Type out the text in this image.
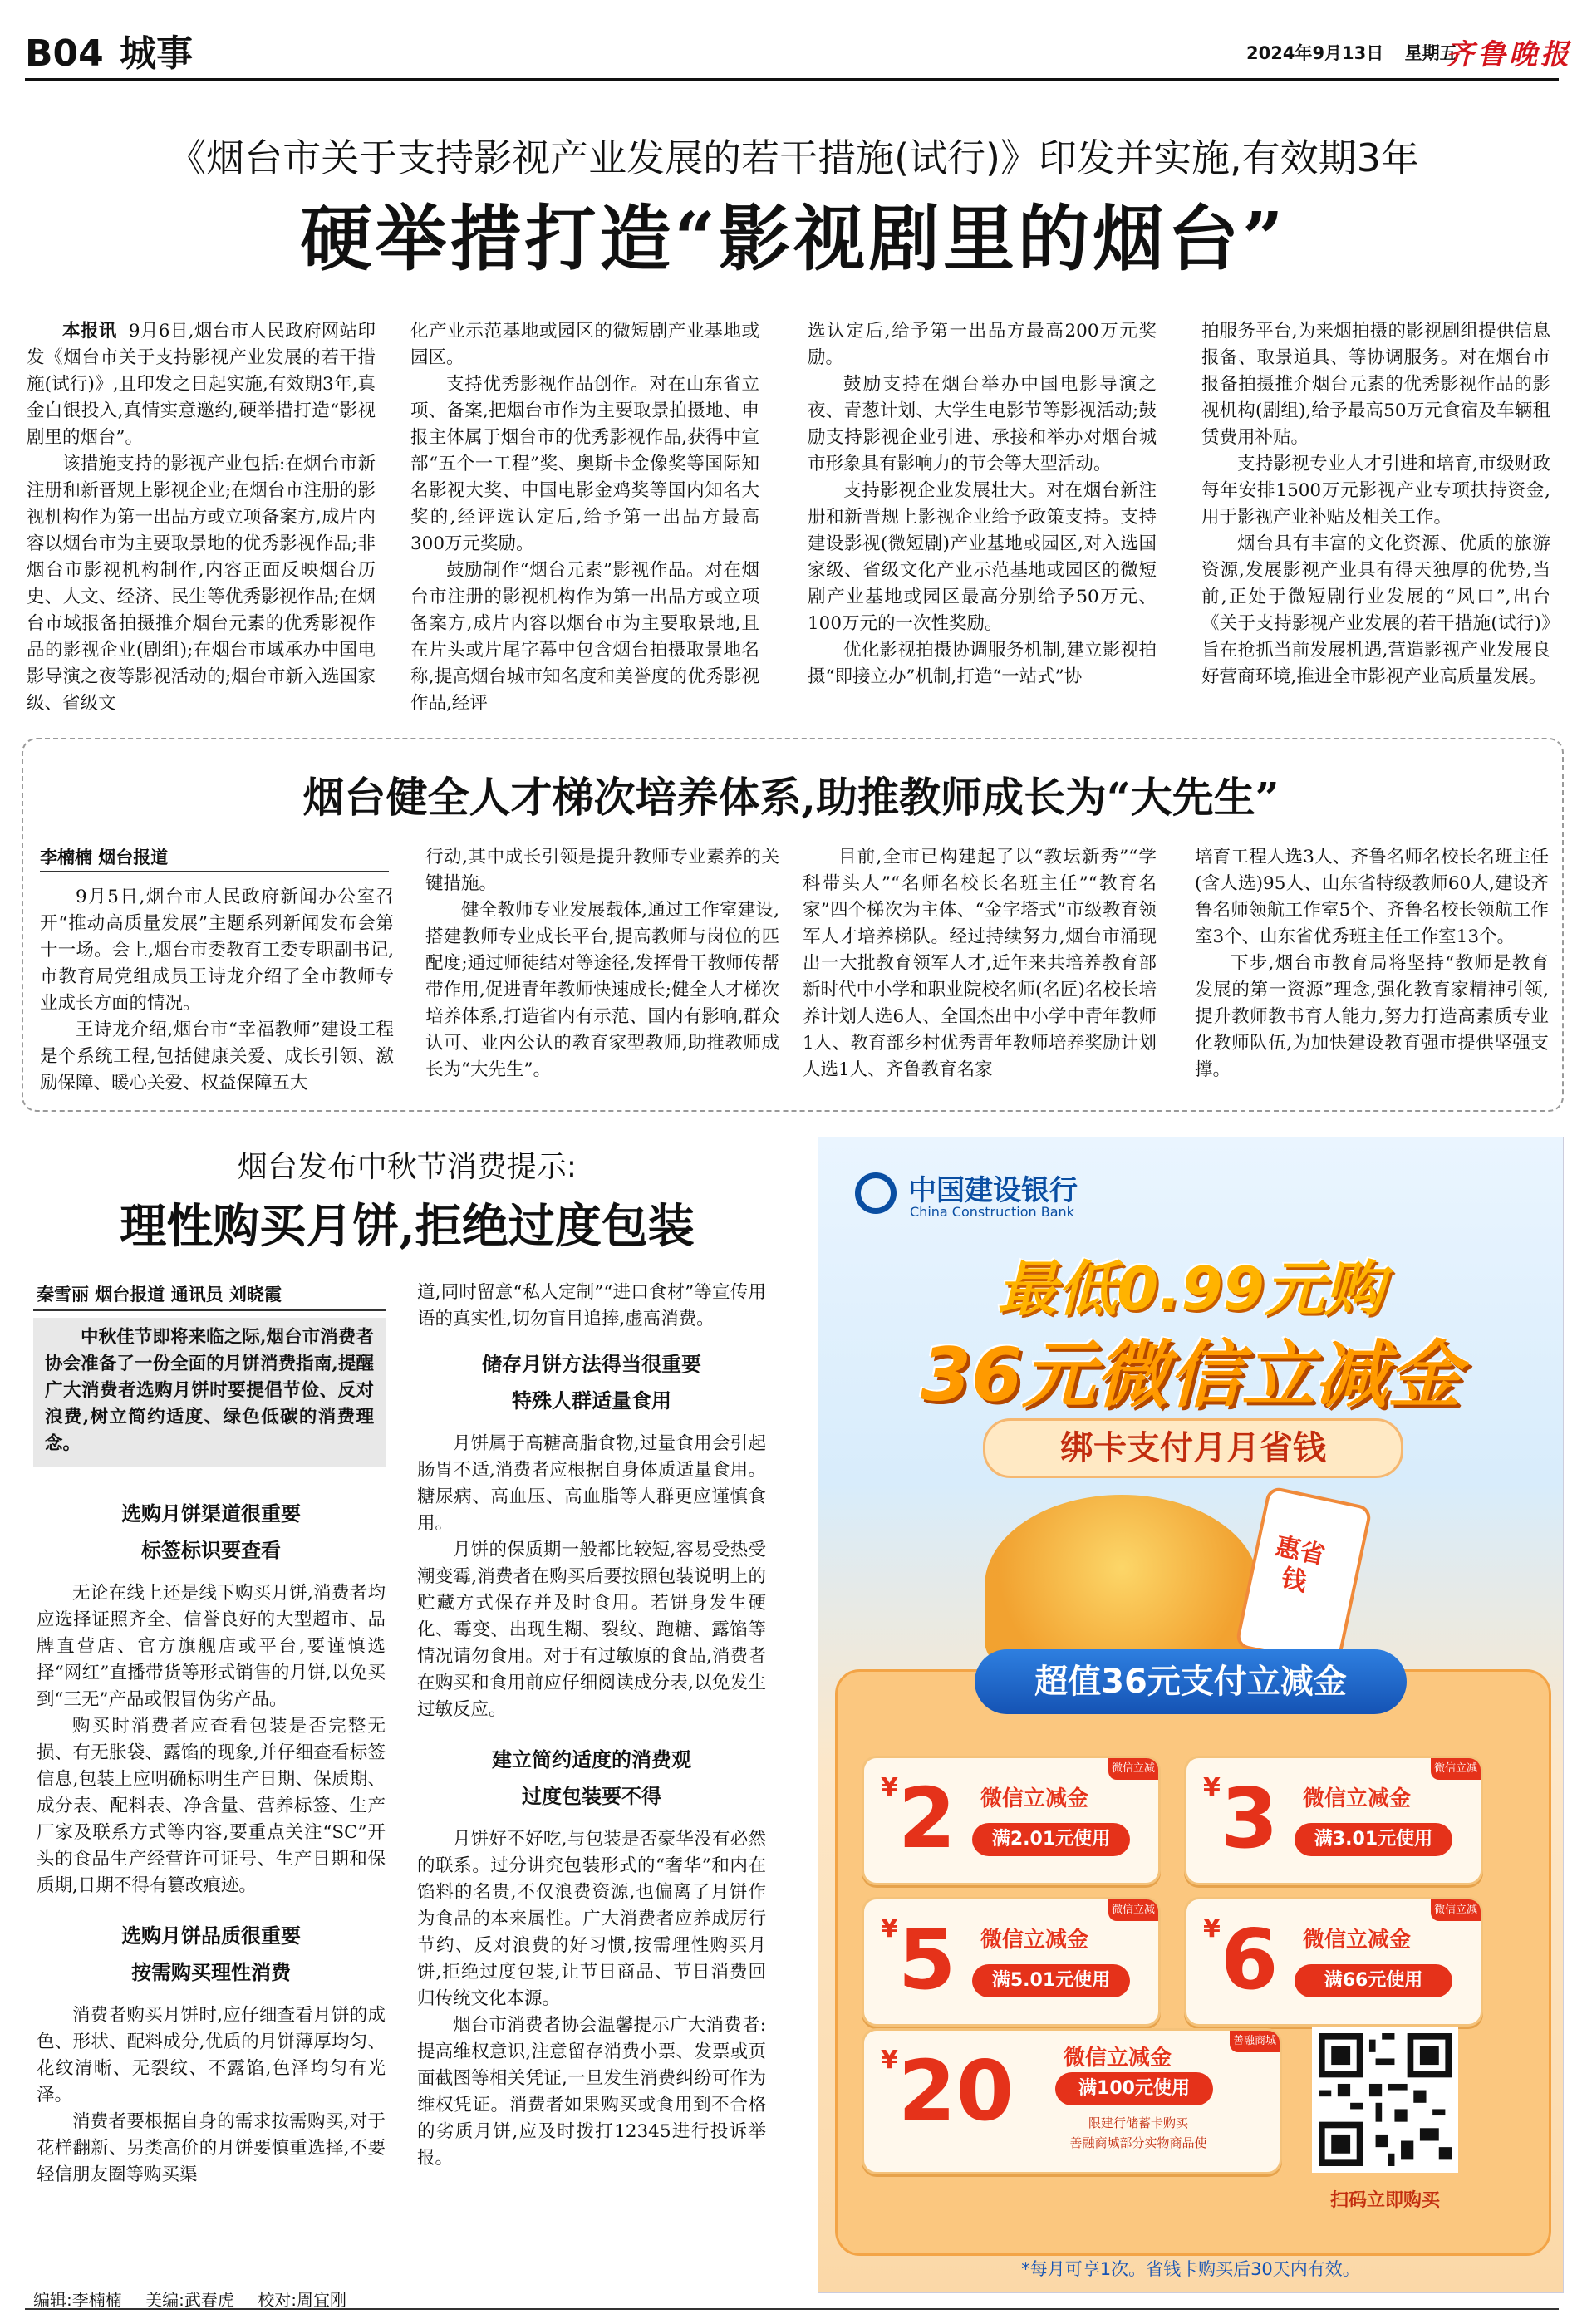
B04 城事	2024年9月13日 星期五
齐鲁晚报
《烟台市关于支持影视产业发展的若干措施(试行)》印发并实施,有效期3年
硬举措打造“影视剧里的烟台”

本报讯 9月6日,烟台市人民政府网站印发《烟台市关于支持影视产业发展的若干措施(试行)》,且印发之日起实施,有效期3年,真金白银投入,真情实意邀约,硬举措打造“影视剧里的烟台”。

该措施支持的影视产业包括:在烟台市新注册和新晋规上影视企业;在烟台市注册的影视机构作为第一出品方或立项备案方,成片内容以烟台市为主要取景地的优秀影视作品;非烟台市影视机构制作,内容正面反映烟台历史、人文、经济、民生等优秀影视作品;在烟台市域报备拍摄推介烟台元素的优秀影视作品的影视企业(剧组);在烟台市域承办中国电影导演之夜等影视活动的;烟台市新入选国家级、省级文

化产业示范基地或园区的微短剧产业基地或园区。

支持优秀影视作品创作。对在山东省立项、备案,把烟台市作为主要取景拍摄地、申报主体属于烟台市的优秀影视作品,获得中宣部“五个一工程”奖、奥斯卡金像奖等国际知名影视大奖、中国电影金鸡奖等国内知名大奖的,经评选认定后,给予第一出品方最高300万元奖励。

鼓励制作“烟台元素”影视作品。对在烟台市注册的影视机构作为第一出品方或立项备案方,成片内容以烟台市为主要取景地,且在片头或片尾字幕中包含烟台拍摄取景地名称,提高烟台城市知名度和美誉度的优秀影视作品,经评

选认定后,给予第一出品方最高200万元奖励。

鼓励支持在烟台举办中国电影导演之夜、青葱计划、大学生电影节等影视活动;鼓励支持影视企业引进、承接和举办对烟台城市形象具有影响力的节会等大型活动。

支持影视企业发展壮大。对在烟台新注册和新晋规上影视企业给予政策支持。支持建设影视(微短剧)产业基地或园区,对入选国家级、省级文化产业示范基地或园区的微短剧产业基地或园区最高分别给予50万元、100万元的一次性奖励。

优化影视拍摄协调服务机制,建立影视拍摄“即接立办”机制,打造“一站式”协

拍服务平台,为来烟拍摄的影视剧组提供信息报备、取景道具、等协调服务。对在烟台市报备拍摄推介烟台元素的优秀影视作品的影视机构(剧组),给予最高50万元食宿及车辆租赁费用补贴。

支持影视专业人才引进和培育,市级财政每年安排1500万元影视产业专项扶持资金,用于影视产业补贴及相关工作。

烟台具有丰富的文化资源、优质的旅游资源,发展影视产业具有得天独厚的优势,当前,正处于微短剧行业发展的“风口”,出台《关于支持影视产业发展的若干措施(试行)》旨在抢抓当前发展机遇,营造影视产业发展良好营商环境,推进全市影视产业高质量发展。

烟台健全人才梯次培养体系,助推教师成长为“大先生”
李楠楠 烟台报道

9月5日,烟台市人民政府新闻办公室召开“推动高质量发展”主题系列新闻发布会第十一场。会上,烟台市委教育工委专职副书记,市教育局党组成员王诗龙介绍了全市教师专业成长方面的情况。

王诗龙介绍,烟台市“幸福教师”建设工程是个系统工程,包括健康关爱、成长引领、激励保障、暖心关爱、权益保障五大

行动,其中成长引领是提升教师专业素养的关键措施。

健全教师专业发展载体,通过工作室建设,搭建教师专业成长平台,提高教师与岗位的匹配度;通过师徒结对等途径,发挥骨干教师传帮带作用,促进青年教师快速成长;健全人才梯次培养体系,打造省内有示范、国内有影响,群众认可、业内公认的教育家型教师,助推教师成长为“大先生”。

目前,全市已构建起了以“教坛新秀”“学科带头人”“名师名校长名班主任”“教育名家”四个梯次为主体、“金字塔式”市级教育领军人才培养梯队。经过持续努力,烟台市涌现出一大批教育领军人才,近年来共培养教育部新时代中小学和职业院校名师(名匠)名校长培养计划人选6人、全国杰出中小学中青年教师1人、教育部乡村优秀青年教师培养奖励计划人选1人、齐鲁教育名家

培育工程人选3人、齐鲁名师名校长名班主任(含人选)95人、山东省特级教师60人,建设齐鲁名师领航工作室5个、齐鲁名校长领航工作室3个、山东省优秀班主任工作室13个。

下步,烟台市教育局将坚持“教师是教育发展的第一资源”理念,强化教育家精神引领,提升教师教书育人能力,努力打造高素质专业化教师队伍,为加快建设教育强市提供坚强支撑。

烟台发布中秋节消费提示:
理性购买月饼,拒绝过度包装
秦雪丽 烟台报道 通讯员 刘晓霞

中秋佳节即将来临之际,烟台市消费者协会准备了一份全面的月饼消费指南,提醒广大消费者选购月饼时要提倡节俭、反对浪费,树立简约适度、绿色低碳的消费理念。

选购月饼渠道很重要
标签标识要查看

无论在线上还是线下购买月饼,消费者均应选择证照齐全、信誉良好的大型超市、品牌直营店、官方旗舰店或平台,要谨慎选择“网红”直播带货等形式销售的月饼,以免买到“三无”产品或假冒伪劣产品。

购买时消费者应查看包装是否完整无损、有无胀袋、露馅的现象,并仔细查看标签信息,包装上应明确标明生产日期、保质期、成分表、配料表、净含量、营养标签、生产厂家及联系方式等内容,要重点关注“SC”开头的食品生产经营许可证号、生产日期和保质期,日期不得有篡改痕迹。

选购月饼品质很重要
按需购买理性消费

消费者购买月饼时,应仔细查看月饼的成色、形状、配料成分,优质的月饼薄厚均匀、花纹清晰、无裂纹、不露馅,色泽均匀有光泽。

消费者要根据自身的需求按需购买,对于花样翻新、另类高价的月饼要慎重选择,不要轻信朋友圈等购买渠

道,同时留意“私人定制”“进口食材”等宣传用语的真实性,切勿盲目追捧,虚高消费。

储存月饼方法得当很重要
特殊人群适量食用

月饼属于高糖高脂食物,过量食用会引起肠胃不适,消费者应根据自身体质适量食用。糖尿病、高血压、高血脂等人群更应谨慎食用。

月饼的保质期一般都比较短,容易受热受潮变霉,消费者在购买后要按照包装说明上的贮藏方式保存并及时食用。若饼身发生硬化、霉变、出现生糊、裂纹、跑糖、露馅等情况请勿食用。对于有过敏原的食品,消费者在购买和食用前应仔细阅读成分表,以免发生过敏反应。

建立简约适度的消费观
过度包装要不得

月饼好不好吃,与包装是否豪华没有必然的联系。过分讲究包装形式的“奢华”和内在馅料的名贵,不仅浪费资源,也偏离了月饼作为食品的本来属性。广大消费者应养成厉行节约、反对浪费的好习惯,按需理性购买月饼,拒绝过度包装,让节日商品、节日消费回归传统文化本源。

烟台市消费者协会温馨提示广大消费者:提高维权意识,注意留存消费小票、发票或页面截图等相关凭证,一旦发生消费纠纷可作为维权凭证。消费者如果购买或食用到不合格的劣质月饼,应及时拨打12345进行投诉举报。

中国建设银行
China Construction Bank
最低0.99元购
36元微信立减金
绑卡支付月月省钱
惠省钱
超值36元支付立减金
微信立减
¥2 微信立减金
满2.01元使用
微信立减
¥3 微信立减金
满3.01元使用
微信立减
¥5 微信立减金
满5.01元使用
微信立减
¥6 微信立减金
满66元使用
善融商城
¥20 微信立减金
满100元使用
限建行储蓄卡购买
善融商城部分实物商品使
扫码立即购买
*每月可享1次。省钱卡购买后30天内有效。
编辑:李楠楠 美编:武春虎 校对:周宜刚
